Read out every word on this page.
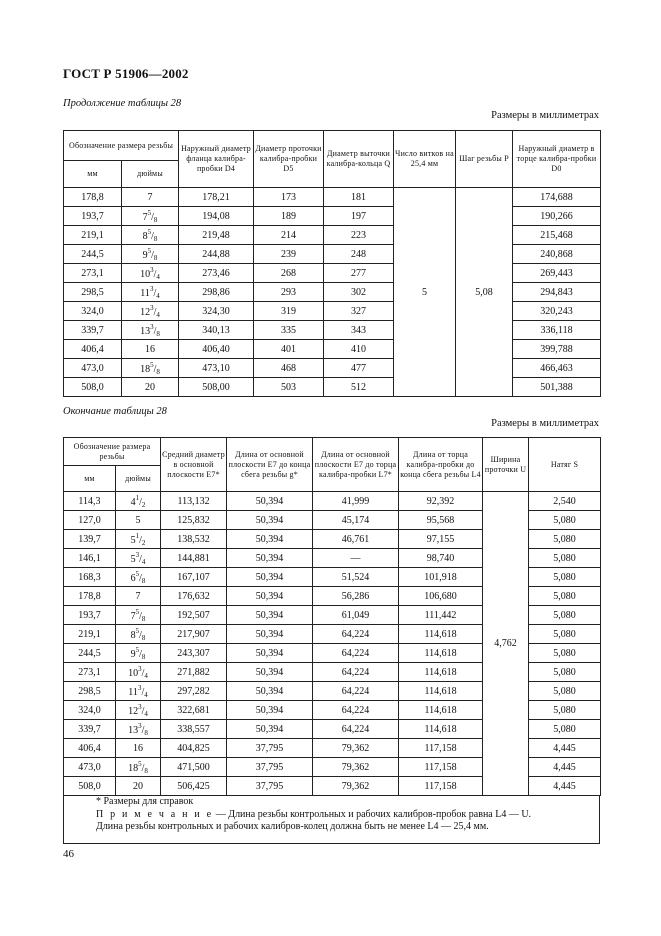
ГОСТ Р 51906—2002
Продолжение таблицы 28
Размеры в миллиметрах
Обозначение размера резьбы		Наружный диаметр фланца калибра-пробки D4	Диаметр проточки калибра-пробки D5	Диаметр выточки калибра-кольца Q	Число витков на 25,4 мм	Шаг резьбы P	Наружный диаметр в торце калибра-пробки D0
мм	дюймы						
178,8	7	178,21	173	181	5	5,08	174,688
193,7	$7^5/_8$	194,08	189	197			190,266
219,1	$8^5/_8$	219,48	214	223			215,468
244,5	$9^5/_8$	244,88	239	248			240,868
273,1	$10^3/_4$	273,46	268	277			269,443
298,5	$11^3/_4$	298,86	293	302			294,843
324,0	$12^3/_4$	324,30	319	327			320,243
339,7	$13^3/_8$	340,13	335	343			336,118
406,4	16	406,40	401	410			399,788
473,0	$18^5/_8$	473,10	468	477			466,463
508,0	20	508,00	503	512			501,388
Окончание таблицы 28
Размеры в миллиметрах
Обозначение размера резьбы		Средний диаметр в основной плоскости E7*	Длина от основной плоскости E7 до конца сбега резьбы g*	Длина от основной плоскости E7 до торца калибра-пробки L7*	Длина от торца калибра-пробки до конца сбега резьбы L4	Ширина проточки U	Натяг S
мм	дюймы						
114,3	$4^1/_2$	113,132	50,394	41,999	92,392	4,762	2,540
127,0	5	125,832	50,394	45,174	95,568		5,080
139,7	$5^1/_2$	138,532	50,394	46,761	97,155		5,080
146,1	$5^3/_4$	144,881	50,394	—	98,740		5,080
168,3	$6^5/_8$	167,107	50,394	51,524	101,918		5,080
178,8	7	176,632	50,394	56,286	106,680		5,080
193,7	$7^5/_8$	192,507	50,394	61,049	111,442		5,080
219,1	$8^5/_8$	217,907	50,394	64,224	114,618		5,080
244,5	$9^5/_8$	243,307	50,394	64,224	114,618		5,080
273,1	$10^3/_4$	271,882	50,394	64,224	114,618		5,080
298,5	$11^3/_4$	297,282	50,394	64,224	114,618		5,080
324,0	$12^3/_4$	322,681	50,394	64,224	114,618		5,080
339,7	$13^3/_8$	338,557	50,394	64,224	114,618		5,080
406,4	16	404,825	37,795	79,362	117,158		4,445
473,0	$18^5/_8$	471,500	37,795	79,362	117,158		4,445
508,0	20	506,425	37,795	79,362	117,158		4,445
* Размеры для справок
П р и м е ч а н и е — Длина резьбы контрольных и рабочих калибров-пробок равна L4 — U.
Длина резьбы контрольных и рабочих калибров-колец должна быть не менее L4 — 25,4 мм.
46
